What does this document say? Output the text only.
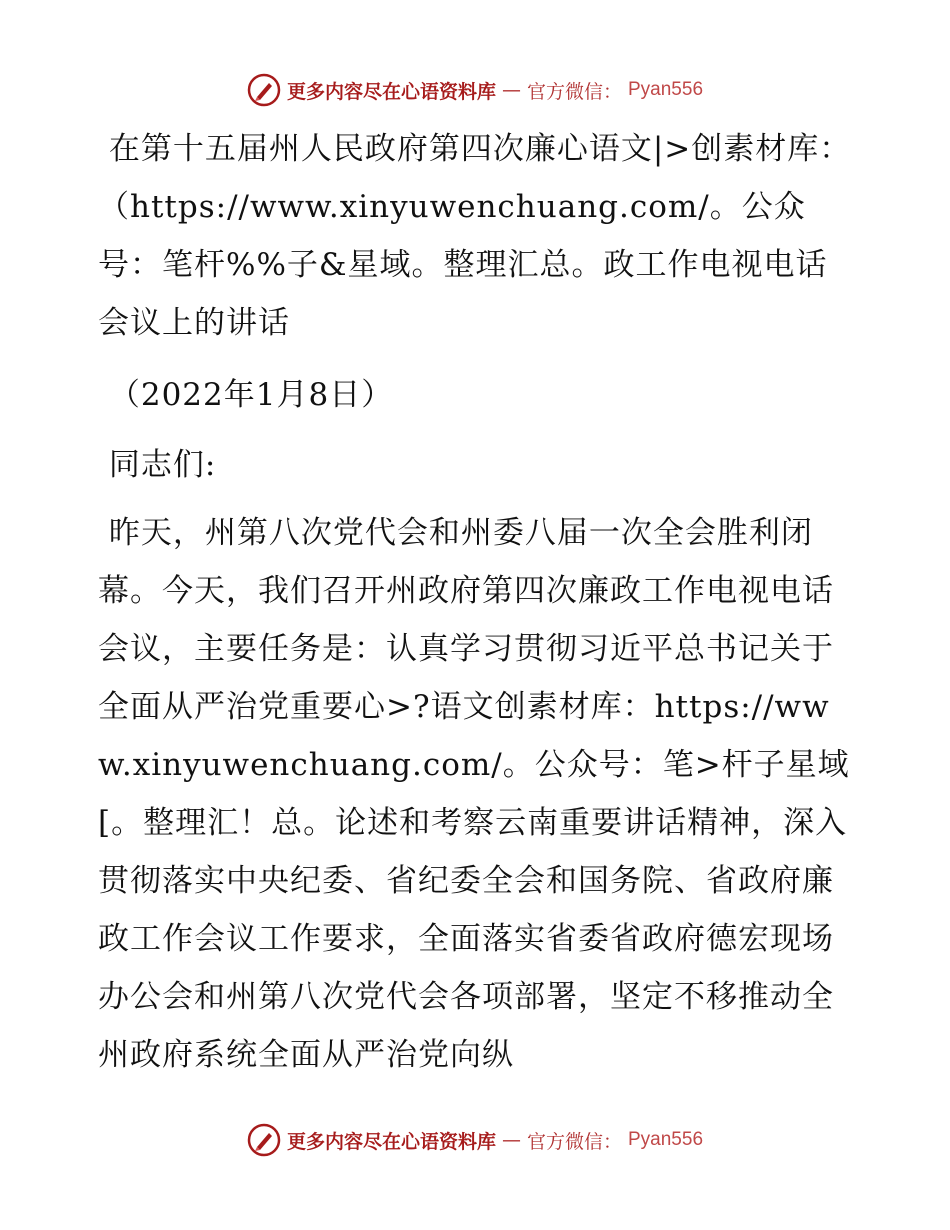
更多内容尽在心语资料库 — 官方微信： Pyan556

在第十五届州人民政府第四次廉心语文|>创素材库：（https://www.xinyuwenchuang.com/。公众号：笔杆%%子&星域。整理汇总。政工作电视电话会议上的讲话

（2022年1月8日）

同志们:

昨天，州第八次党代会和州委八届一次全会胜利闭幕。今天，我们召开州政府第四次廉政工作电视电话会议，主要任务是：认真学习贯彻习近平总书记关于全面从严治党重要心>?语文创素材库：https://www.xinyuwenchuang.com/。公众号：笔>杆子星域[。整理汇！总。论述和考察云南重要讲话精神，深入贯彻落实中央纪委、省纪委全会和国务院、省政府廉政工作会议工作要求，全面落实省委省政府德宏现场办公会和州第八次党代会各项部署，坚定不移推动全州政府系统全面从严治党向纵

更多内容尽在心语资料库 — 官方微信： Pyan556
